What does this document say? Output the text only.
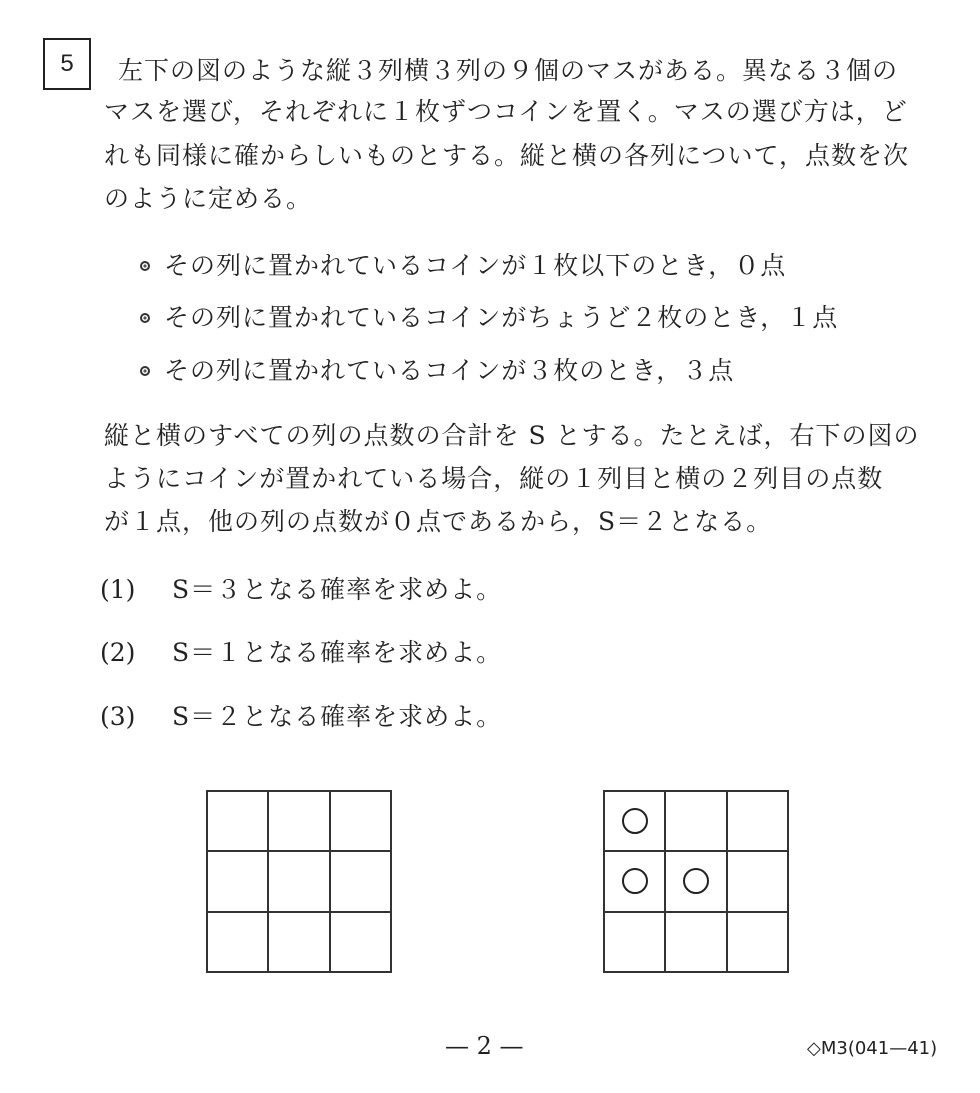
5 左下の図のような縦３列横３列の９個のマスがある。異なる３個の
マスを選び，それぞれに１枚ずつコインを置く。マスの選び方は，ど
れも同様に確からしいものとする。縦と横の各列について，点数を次
のように定める。
その列に置かれているコインが１枚以下のとき，０点
その列に置かれているコインがちょうど２枚のとき，１点
その列に置かれているコインが３枚のとき，３点
縦と横のすべての列の点数の合計を S とする。たとえば，右下の図の
ようにコインが置かれている場合，縦の１列目と横の２列目の点数
が１点，他の列の点数が０点であるから，S＝２となる。
(1) S＝３となる確率を求めよ。
(2) S＝１となる確率を求めよ。
(3) S＝２となる確率を求めよ。
— 2 —	◇M3(041—41)
